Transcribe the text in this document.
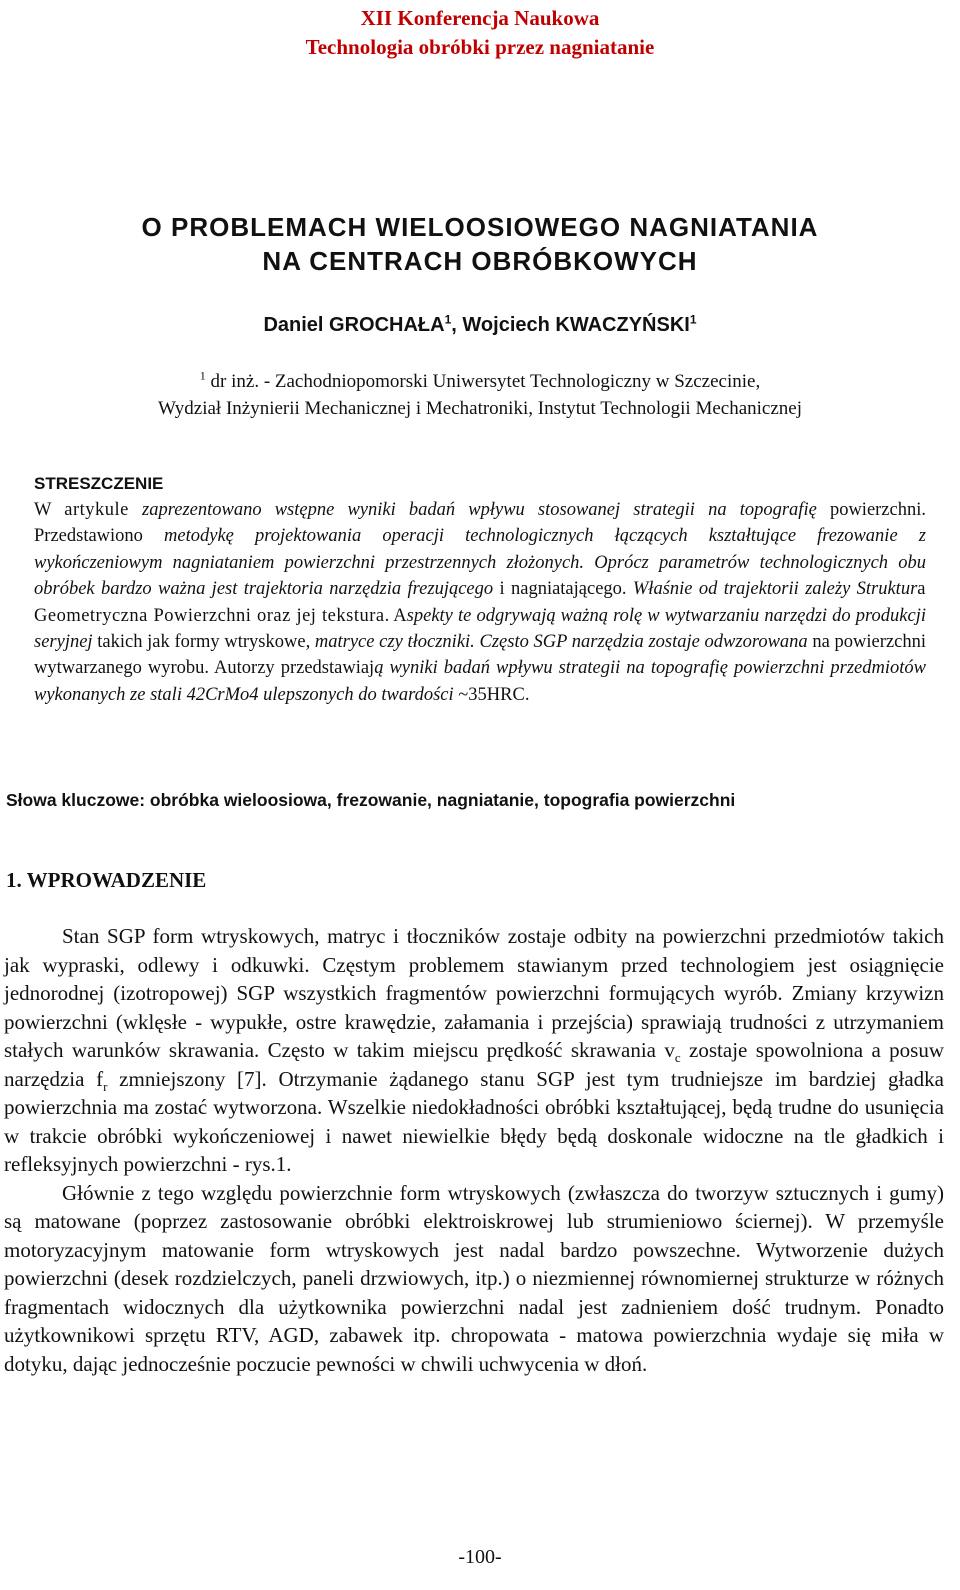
XII Konferencja Naukowa
Technologia obróbki przez nagniatanie
O PROBLEMACH WIELOOSIOWEGO NAGNIATANIA
NA CENTRACH OBRÓBKOWYCH
Daniel GROCHAŁA$^1$, Wojciech KWACZYŃSKI$^1$
$^1$ dr inż. - Zachodniopomorski Uniwersytet Technologiczny w Szczecinie,
Wydział Inżynierii Mechanicznej i Mechatroniki, Instytut Technologii Mechanicznej
STRESZCZENIE
W artykule zaprezentowano wstępne wyniki badań wpływu stosowanej strategii na topografię powierzchni. Przedstawiono metodykę projektowania operacji technologicznych łączących kształtujące frezowanie z wykończeniowym nagniataniem powierzchni przestrzennych złożonych. Oprócz parametrów technologicznych obu obróbek bardzo ważna jest trajektoria narzędzia frezującego i nagniatającego. Właśnie od trajektorii zależy Struktura Geometryczna Powierzchni oraz jej tekstura. Aspekty te odgrywają ważną rolę w wytwarzaniu narzędzi do produkcji seryjnej takich jak formy wtryskowe, matryce czy tłoczniki. Często SGP narzędzia zostaje odwzorowana na powierzchni wytwarzanego wyrobu. Autorzy przedstawiają wyniki badań wpływu strategii na topografię powierzchni przedmiotów wykonanych ze stali 42CrMo4 ulepszonych do twardości ~35HRC.
Słowa kluczowe: obróbka wieloosiowa, frezowanie, nagniatanie, topografia powierzchni
1. WPROWADZENIE

Stan SGP form wtryskowych, matryc i tłoczników zostaje odbity na powierzchni przedmiotów takich jak wypraski, odlewy i odkuwki. Częstym problemem stawianym przed technologiem jest osiągnięcie jednorodnej (izotropowej) SGP wszystkich fragmentów powierzchni formujących wyrób. Zmiany krzywizn powierzchni (wklęsłe - wypukłe, ostre krawędzie, załamania i przejścia) sprawiają trudności z utrzymaniem stałych warunków skrawania. Często w takim miejscu prędkość skrawania $v_c$ zostaje spowolniona a posuw narzędzia $f_r$ zmniejszony [7]. Otrzymanie żądanego stanu SGP jest tym trudniejsze im bardziej gładka powierzchnia ma zostać wytworzona. Wszelkie niedokładności obróbki kształtującej, będą trudne do usunięcia w trakcie obróbki wykończeniowej i nawet niewielkie błędy będą doskonale widoczne na tle gładkich i refleksyjnych powierzchni - rys.1.

Głównie z tego względu powierzchnie form wtryskowych (zwłaszcza do tworzyw sztucznych i gumy) są matowane (poprzez zastosowanie obróbki elektroiskrowej lub strumieniowo ściernej). W przemyśle motoryzacyjnym matowanie form wtryskowych jest nadal bardzo powszechne. Wytworzenie dużych powierzchni (desek rozdzielczych, paneli drzwiowych, itp.) o niezmiennej równomiernej strukturze w różnych fragmentach widocznych dla użytkownika powierzchni nadal jest zadnieniem dość trudnym. Ponadto użytkownikowi sprzętu RTV, AGD, zabawek itp. chropowata - matowa powierzchnia wydaje się miła w dotyku, dając jednocześnie poczucie pewności w chwili uchwycenia w dłoń.

-100-
